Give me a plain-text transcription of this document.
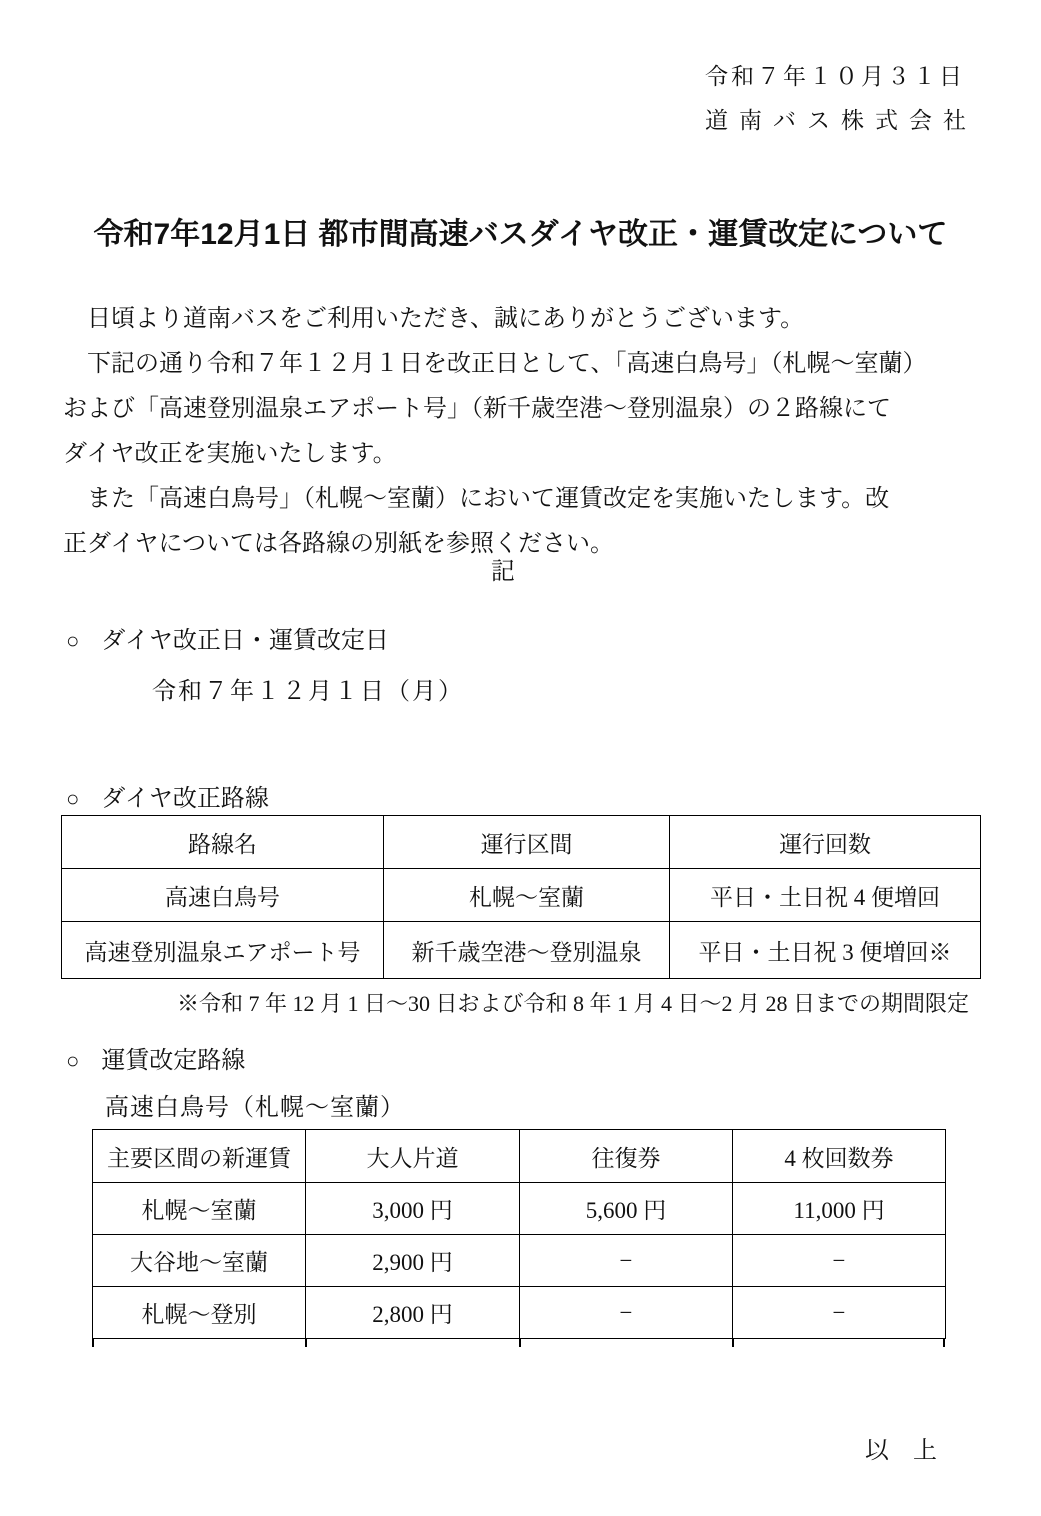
令和７年１０月３１日
道南バス株式会社
令和7年12月1日 都市間高速バスダイヤ改正・運賃改定について
　日頃より道南バスをご利用いただき、誠にありがとうございます。
　下記の通り令和７年１２月１日を改正日として、「高速白鳥号」（札幌～室蘭）
および「高速登別温泉エアポート号」（新千歳空港～登別温泉）の２路線にて
ダイヤ改正を実施いたします。
　また「高速白鳥号」（札幌～室蘭）において運賃改定を実施いたします。改
正ダイヤについては各路線の別紙を参照ください。
記
○ ダイヤ改正日・運賃改定日
令和７年１２月１日（月）
○ ダイヤ改正路線
路線名	運行区間	運行回数
高速白鳥号	札幌～室蘭	平日・土日祝 4 便増回
高速登別温泉エアポート号	新千歳空港～登別温泉	平日・土日祝 3 便増回※
※令和 7 年 12 月 1 日～30 日および令和 8 年 1 月 4 日～2 月 28 日までの期間限定
○ 運賃改定路線
高速白鳥号（札幌～室蘭）
主要区間の新運賃	大人片道	往復券	4 枚回数券
札幌～室蘭	3,000 円	5,600 円	11,000 円
大谷地～室蘭	2,900 円	−	−
札幌～登別	2,800 円	−	−
以　上
